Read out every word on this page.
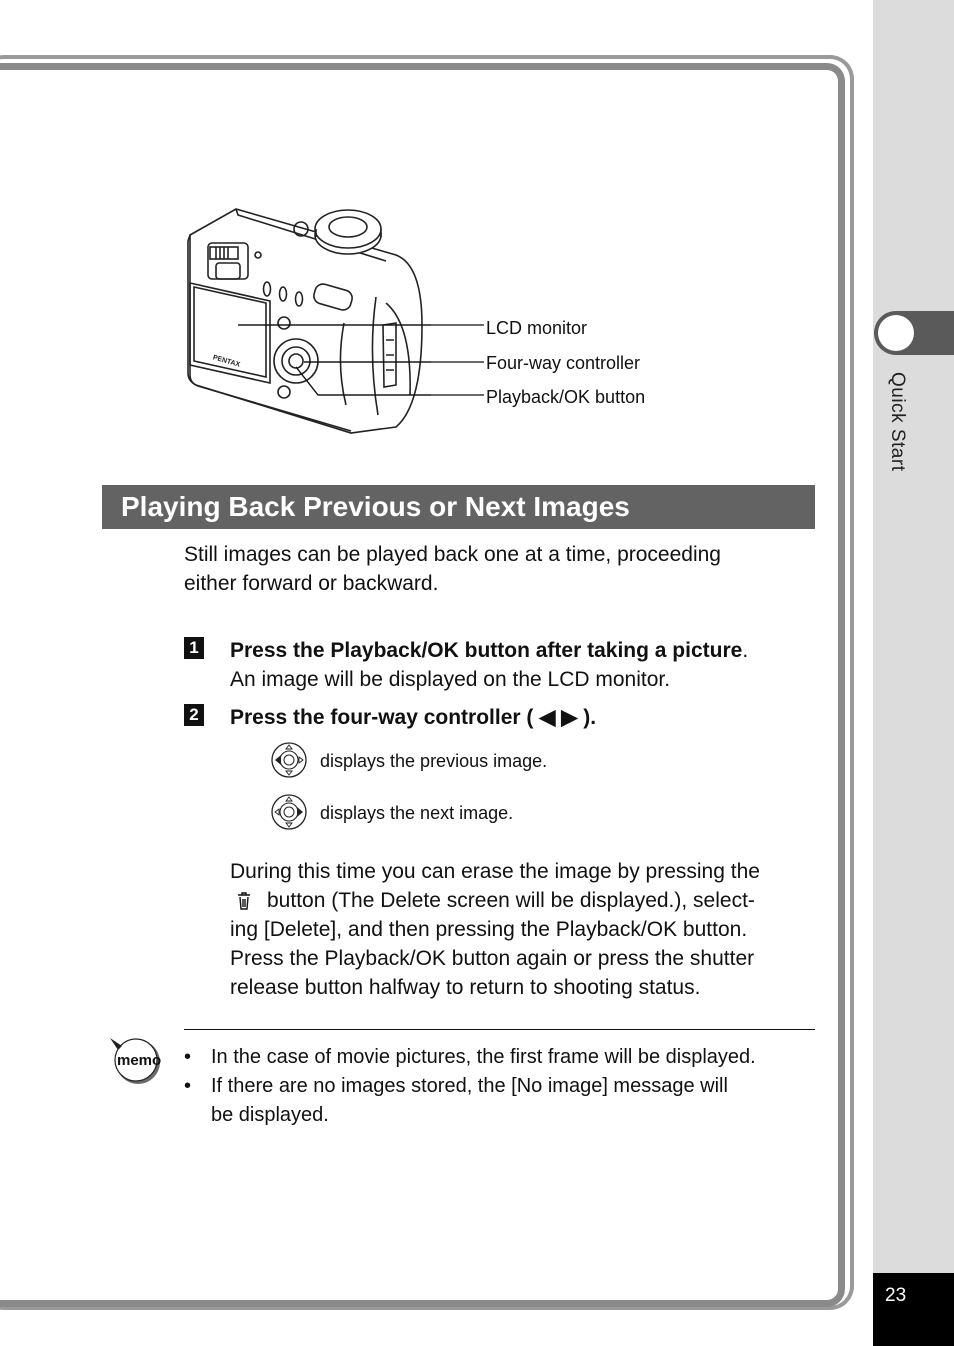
Quick Start
23
PENTAX
LCD monitor
Four-way controller
Playback/OK button
Playing Back Previous or Next Images
Still images can be played back one at a time, proceeding
either forward or backward.
1 Press the Playback/OK button after taking a picture.
An image will be displayed on the LCD monitor.
2 Press the four-way controller ( ◀ ▶ ).
displays the previous image.
displays the next image.
During this time you can erase the image by pressing the
button (The Delete screen will be displayed.), select-
ing [Delete], and then pressing the Playback/OK button.
Press the Playback/OK button again or press the shutter
release button halfway to return to shooting status.
memo • In the case of movie pictures, the first frame will be displayed.
• If there are no images stored, the [No image] message will
be displayed.
